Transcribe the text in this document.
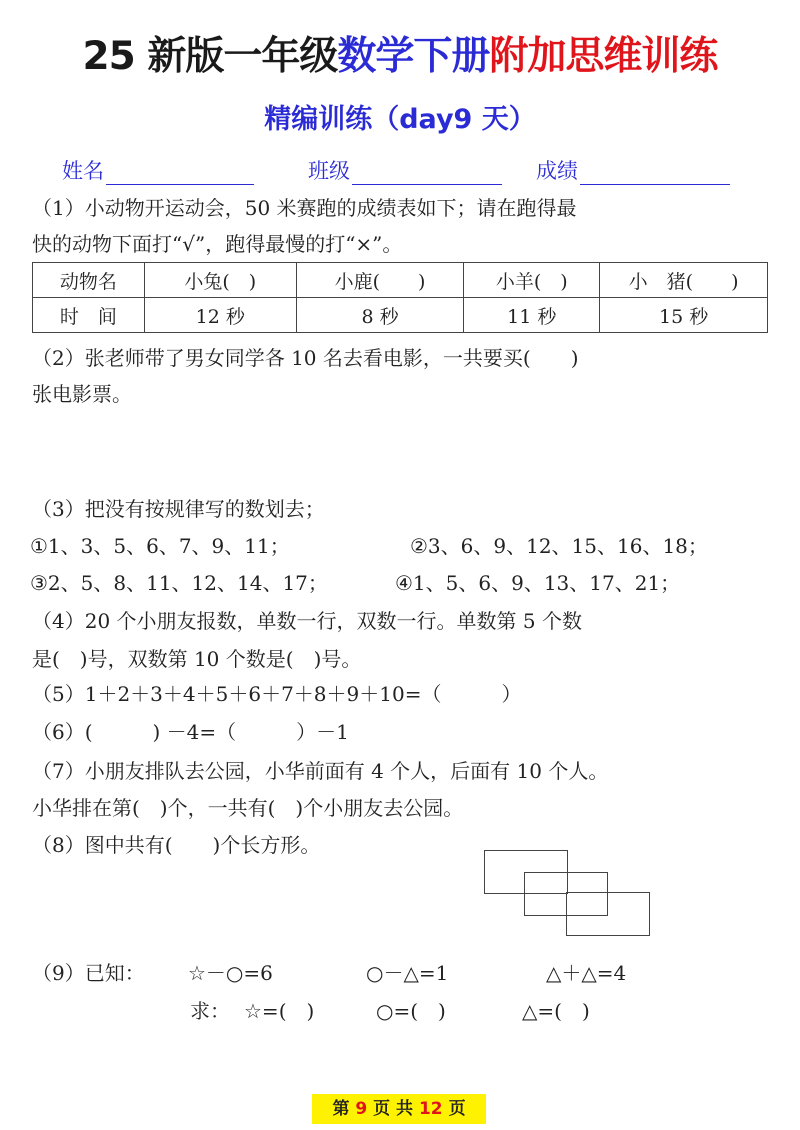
25 新版一年级数学下册附加思维训练
精编训练（day9 天）
姓名	班级	成绩
（1）小动物开运动会，50 米赛跑的成绩表如下；请在跑得最
快的动物下面打“√”，跑得最慢的打“×”。
动物名	小兔(　)	小鹿(　　)	小羊(　)	小　猪(　　)
时　间	12 秒	8 秒	11 秒	15 秒
（2）张老师带了男女同学各 10 名去看电影，一共要买(　　)
张电影票。
（3）把没有按规律写的数划去；
①1、3、5、6、7、9、11；	②3、6、9、12、15、16、18；
③2、5、8、11、12、14、17；	④1、5、6、9、13、17、21；
（4）20 个小朋友报数，单数一行，双数一行。单数第 5 个数
是(　)号，双数第 10 个数是(　)号。
（5）1＋2＋3＋4＋5＋6＋7＋8＋9＋10=（　　　）
（6）(　　　) －4=（　　　）－1
（7）小朋友排队去公园，小华前面有 4 个人，后面有 10 个人。
小华排在第(　)个，一共有(　)个小朋友去公园。
（8）图中共有(　　)个长方形。
（9）已知： ☆－○=6	○－△=1	△＋△=4
求： ☆=(　)	○=(　)	△=(　)
第 9 页 共 12 页
